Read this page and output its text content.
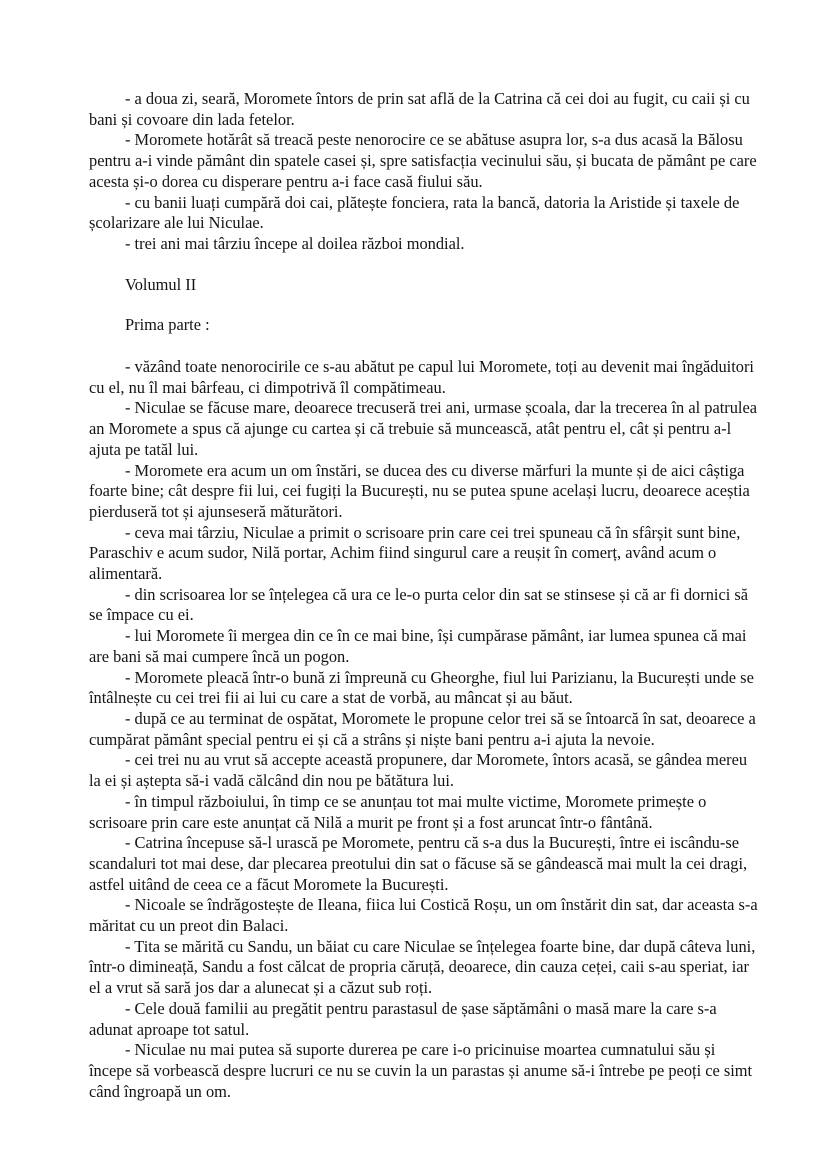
- a doua zi, seară, Moromete întors de prin sat află de la Catrina că cei doi au fugit, cu caii și cu bani și covoare din lada fetelor.

- Moromete hotărât să treacă peste nenorocire ce se abătuse asupra lor, s-a dus acasă la Bălosu pentru a-i vinde pământ din spatele casei și, spre satisfacția vecinului său, și bucata de pământ pe care acesta și-o dorea cu disperare pentru a-i face casă fiului său.

- cu banii luați cumpără doi cai, plătește fonciera, rata la bancă, datoria la Aristide și taxele de școlarizare ale lui Niculae.

- trei ani mai târziu începe al doilea război mondial.

Volumul II

Prima parte :

- văzând toate nenorocirile ce s-au abătut pe capul lui Moromete, toți au devenit mai îngăduitori cu el, nu îl mai bârfeau, ci dimpotrivă îl compătimeau.

- Niculae se făcuse mare, deoarece trecuseră trei ani, urmase școala, dar la trecerea în al patrulea an Moromete a spus că ajunge cu cartea și că trebuie să muncească, atât pentru el, cât și pentru a-l ajuta pe tatăl lui.

- Moromete era acum un om înstări, se ducea des cu diverse mărfuri la munte și de aici câștiga foarte bine; cât despre fii lui, cei fugiți la București, nu se putea spune același lucru, deoarece aceștia pierduseră tot și ajunseseră măturători.

- ceva mai târziu, Niculae a primit o scrisoare prin care cei trei spuneau că în sfârșit sunt bine, Paraschiv e acum sudor, Nilă portar, Achim fiind singurul care a reușit în comerț, având acum o alimentară.

- din scrisoarea lor se înțelegea că ura ce le-o purta celor din sat se stinsese și că ar fi dornici să se împace cu ei.

- lui Moromete îi mergea din ce în ce mai bine, își cumpărase pământ, iar lumea spunea că mai are bani să mai cumpere încă un pogon.

- Moromete pleacă într-o bună zi împreună cu Gheorghe, fiul lui Parizianu, la București unde se întâlnește cu cei trei fii ai lui cu care a stat de vorbă, au mâncat și au băut.

- după ce au terminat de ospătat, Moromete le propune celor trei să se întoarcă în sat, deoarece a cumpărat pământ special pentru ei și că a strâns și niște bani pentru a-i ajuta la nevoie.

- cei trei nu au vrut să accepte această propunere, dar Moromete, întors acasă, se gândea mereu la ei și aștepta să-i vadă călcând din nou pe bătătura lui.

- în timpul războiului, în timp ce se anunțau tot mai multe victime, Moromete primește o scrisoare prin care este anunțat că Nilă a murit pe front și a fost aruncat într-o fântână.

- Catrina începuse să-l urască pe Moromete, pentru că s-a dus la București, între ei iscându-se scandaluri tot mai dese, dar plecarea preotului din sat o făcuse să se gândească mai mult la cei dragi, astfel uitând de ceea ce a făcut Moromete la București.

- Nicoale se îndrăgostește de Ileana, fiica lui Costică Roșu, un om înstărit din sat, dar aceasta s-a măritat cu un preot din Balaci.

- Tita se mărită cu Sandu, un băiat cu care Niculae se înțelegea foarte bine, dar după câteva luni, într-o dimineață, Sandu a fost călcat de propria căruță, deoarece, din cauza ceței, caii s-au speriat, iar el a vrut să sară jos dar a alunecat și a căzut sub roți.

- Cele două familii au pregătit pentru parastasul de șase săptămâni o masă mare la care s-a adunat aproape tot satul.

- Niculae nu mai putea să suporte durerea pe care i-o pricinuise moartea cumnatului său și începe să vorbească despre lucruri ce nu se cuvin la un parastas și anume să-i întrebe pe peoți ce simt când îngroapă un om.
